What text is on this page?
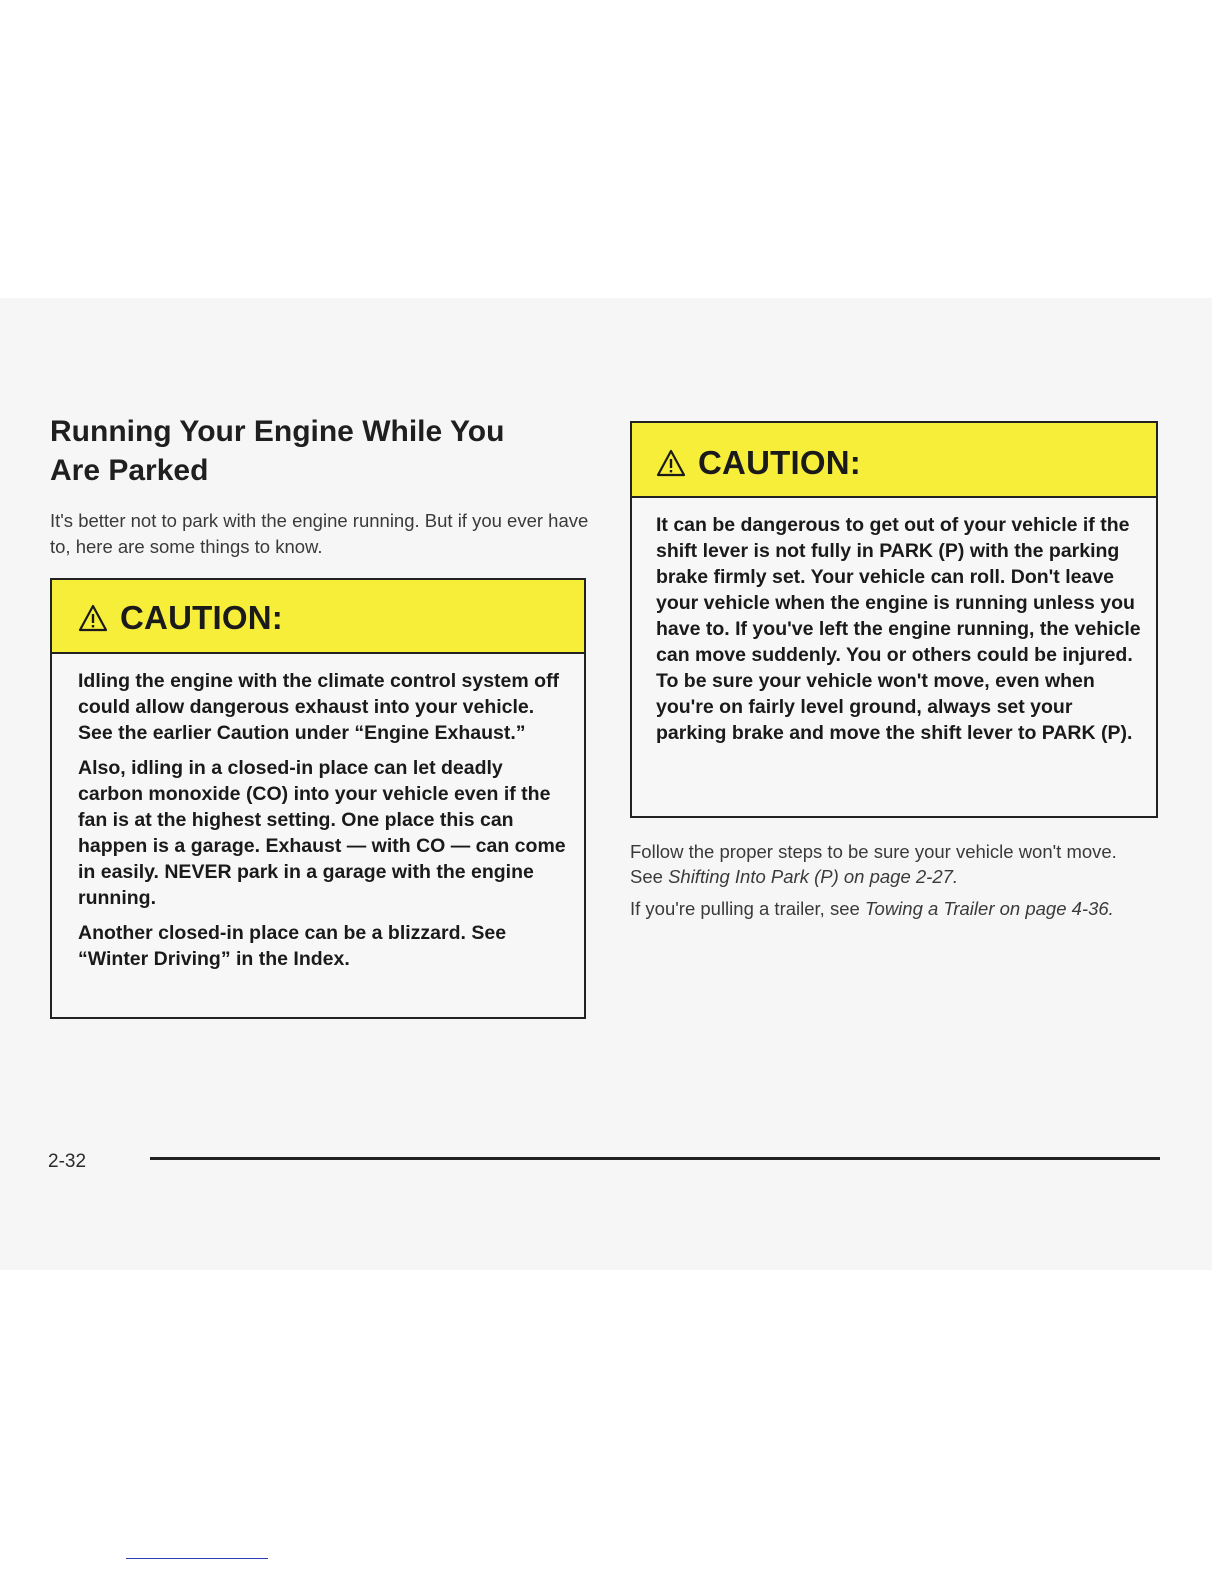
Running Your Engine While You
Are Parked

It's better not to park with the engine running. But if you ever have to, here are some things to know.

CAUTION:

Idling the engine with the climate control system off could allow dangerous exhaust into your vehicle. See the earlier Caution under “Engine Exhaust.”

Also, idling in a closed-in place can let deadly carbon monoxide (CO) into your vehicle even if the fan is at the highest setting. One place this can happen is a garage. Exhaust — with CO — can come in easily. NEVER park in a garage with the engine running.

Another closed-in place can be a blizzard. See “Winter Driving” in the Index.

CAUTION:

It can be dangerous to get out of your vehicle if the shift lever is not fully in PARK (P) with the parking brake firmly set. Your vehicle can roll. Don't leave your vehicle when the engine is running unless you have to. If you've left the engine running, the vehicle can move suddenly. You or others could be injured. To be sure your vehicle won't move, even when you're on fairly level ground, always set your parking brake and move the shift lever to PARK (P).

Follow the proper steps to be sure your vehicle won't move. See Shifting Into Park (P) on page 2-27.

If you're pulling a trailer, see Towing a Trailer on page 4-36.

2-32
